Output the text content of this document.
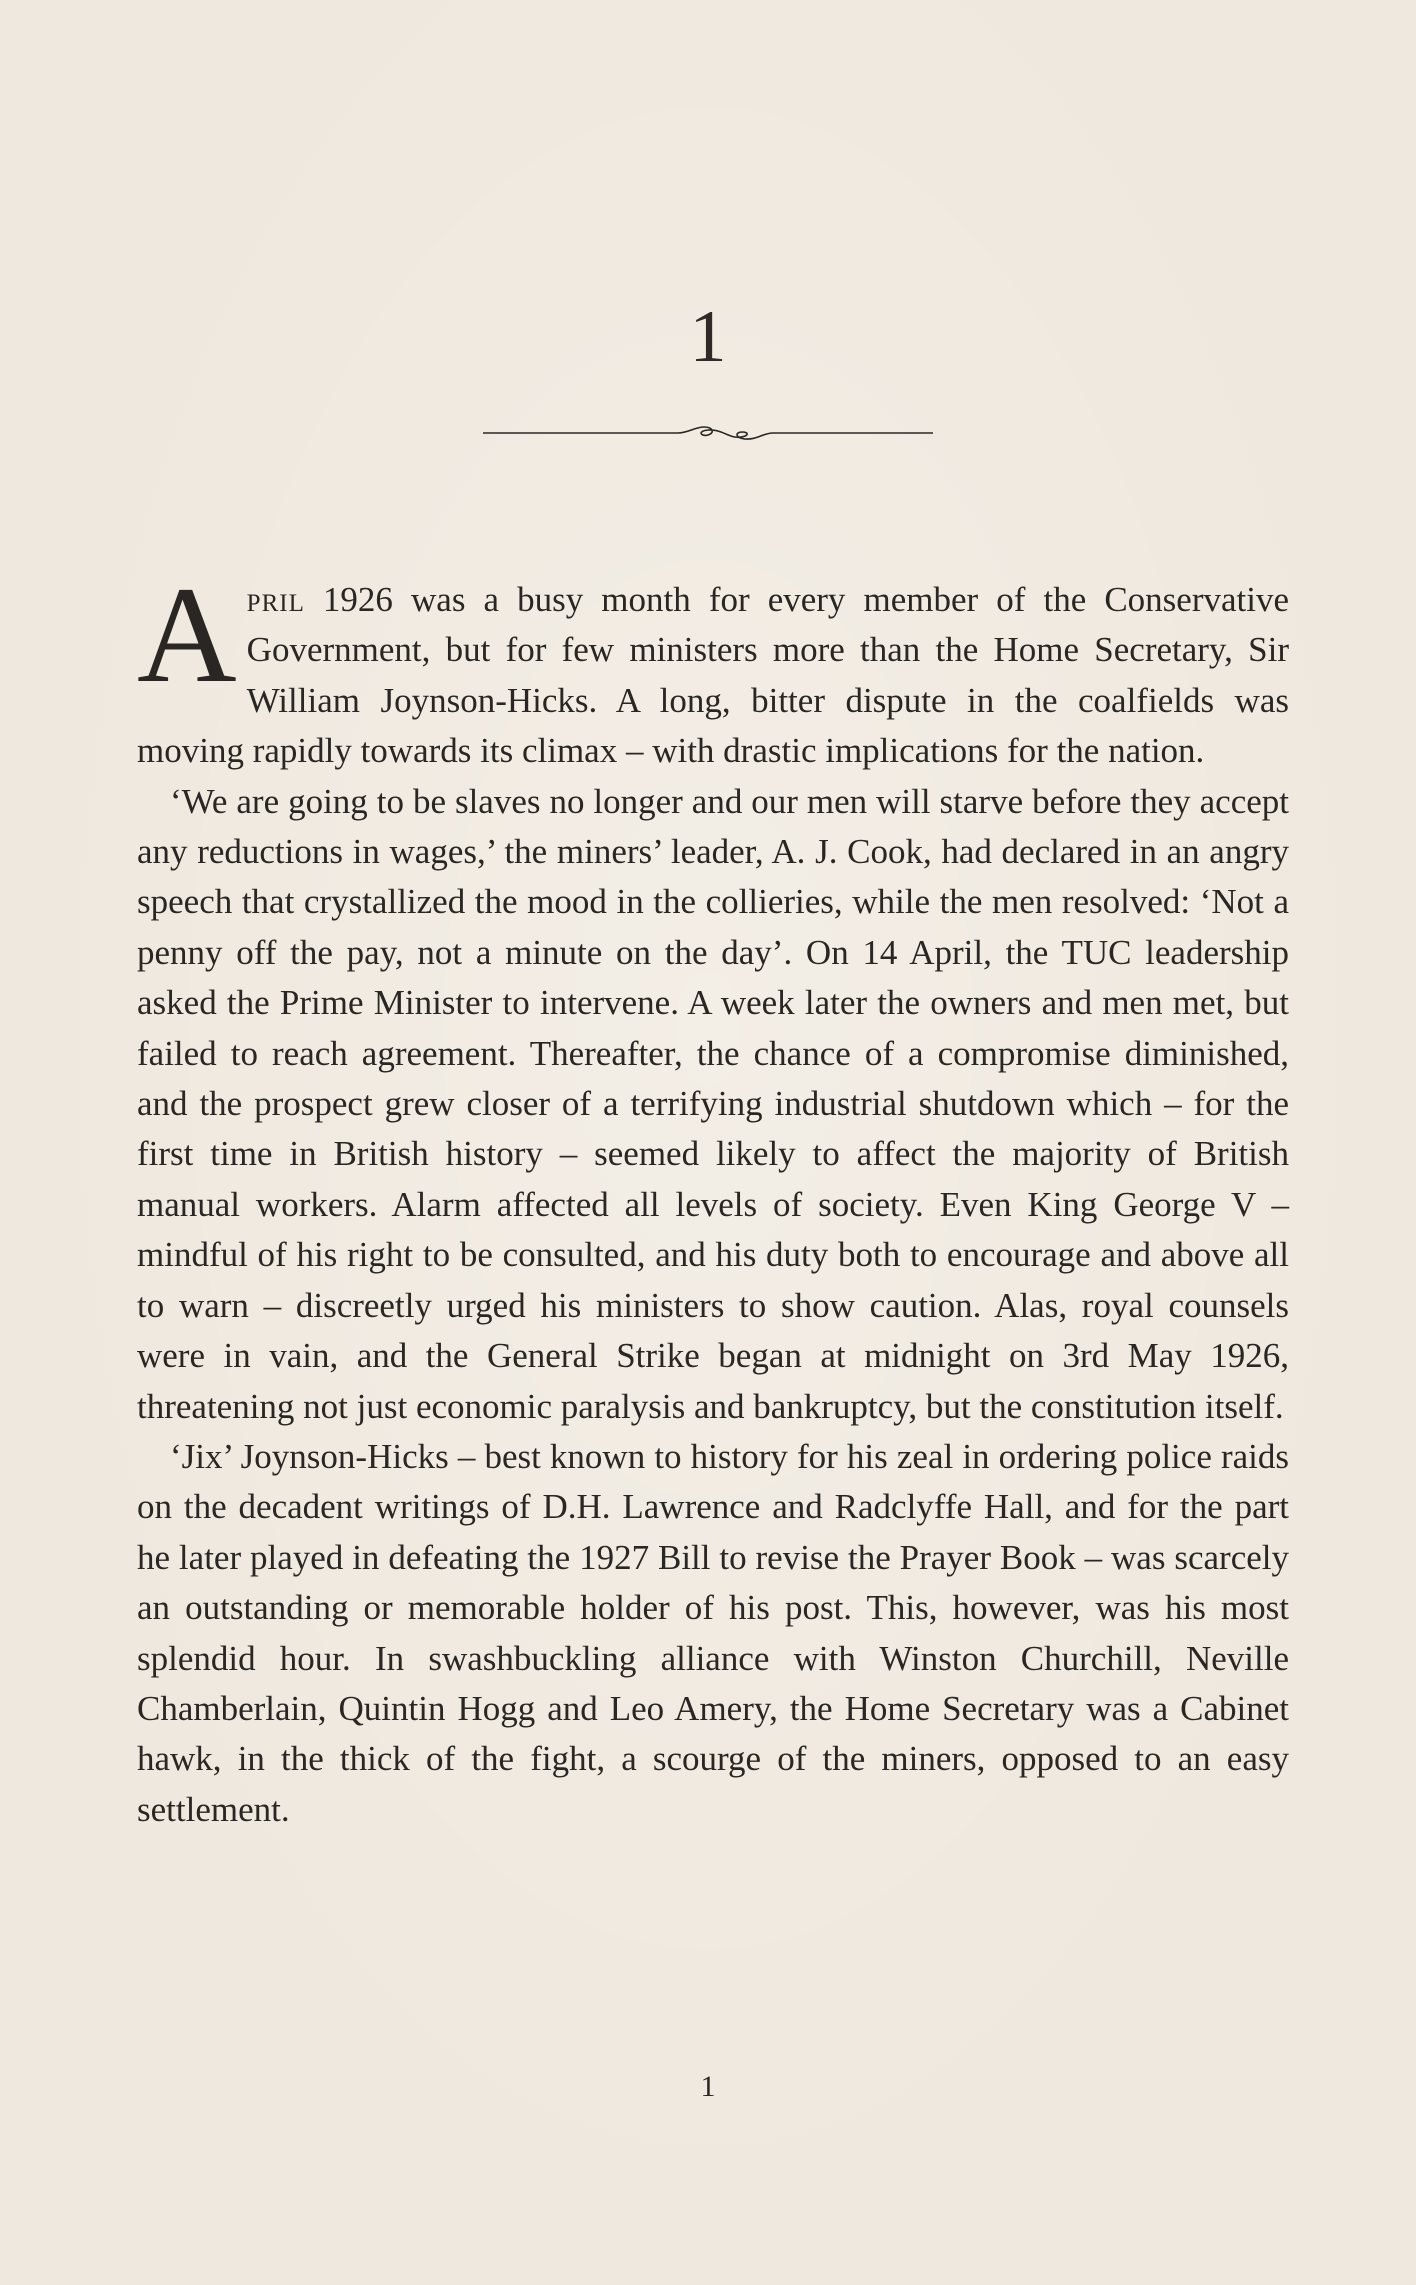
1

April 1926 was a busy month for every member of the Conservative Government, but for few ministers more than the Home Secretary, Sir William Joynson-Hicks. A long, bitter dispute in the coalfields was moving rapidly towards its climax – with drastic implications for the nation.

‘We are going to be slaves no longer and our men will starve before they accept any reductions in wages,’ the miners’ leader, A. J. Cook, had declared in an angry speech that crystallized the mood in the collieries, while the men resolved: ‘Not a penny off the pay, not a minute on the day’. On 14 April, the TUC leadership asked the Prime Minister to intervene. A week later the owners and men met, but failed to reach agreement. Thereafter, the chance of a compromise diminished, and the prospect grew closer of a terrifying industrial shutdown which – for the first time in British history – seemed likely to affect the majority of British manual workers. Alarm affected all levels of society. Even King George V – mindful of his right to be consulted, and his duty both to encourage and above all to warn – discreetly urged his ministers to show caution. Alas, royal counsels were in vain, and the General Strike began at midnight on 3rd May 1926, threatening not just economic paralysis and bankruptcy, but the constitution itself.

‘Jix’ Joynson-Hicks – best known to history for his zeal in ordering police raids on the decadent writings of D.H. Lawrence and Radclyffe Hall, and for the part he later played in defeating the 1927 Bill to revise the Prayer Book – was scarcely an outstanding or memorable holder of his post. This, however, was his most splendid hour. In swashbuckling alliance with Winston Churchill, Neville Chamberlain, Quintin Hogg and Leo Amery, the Home Secretary was a Cabinet hawk, in the thick of the fight, a scourge of the miners, opposed to an easy settlement.

1
